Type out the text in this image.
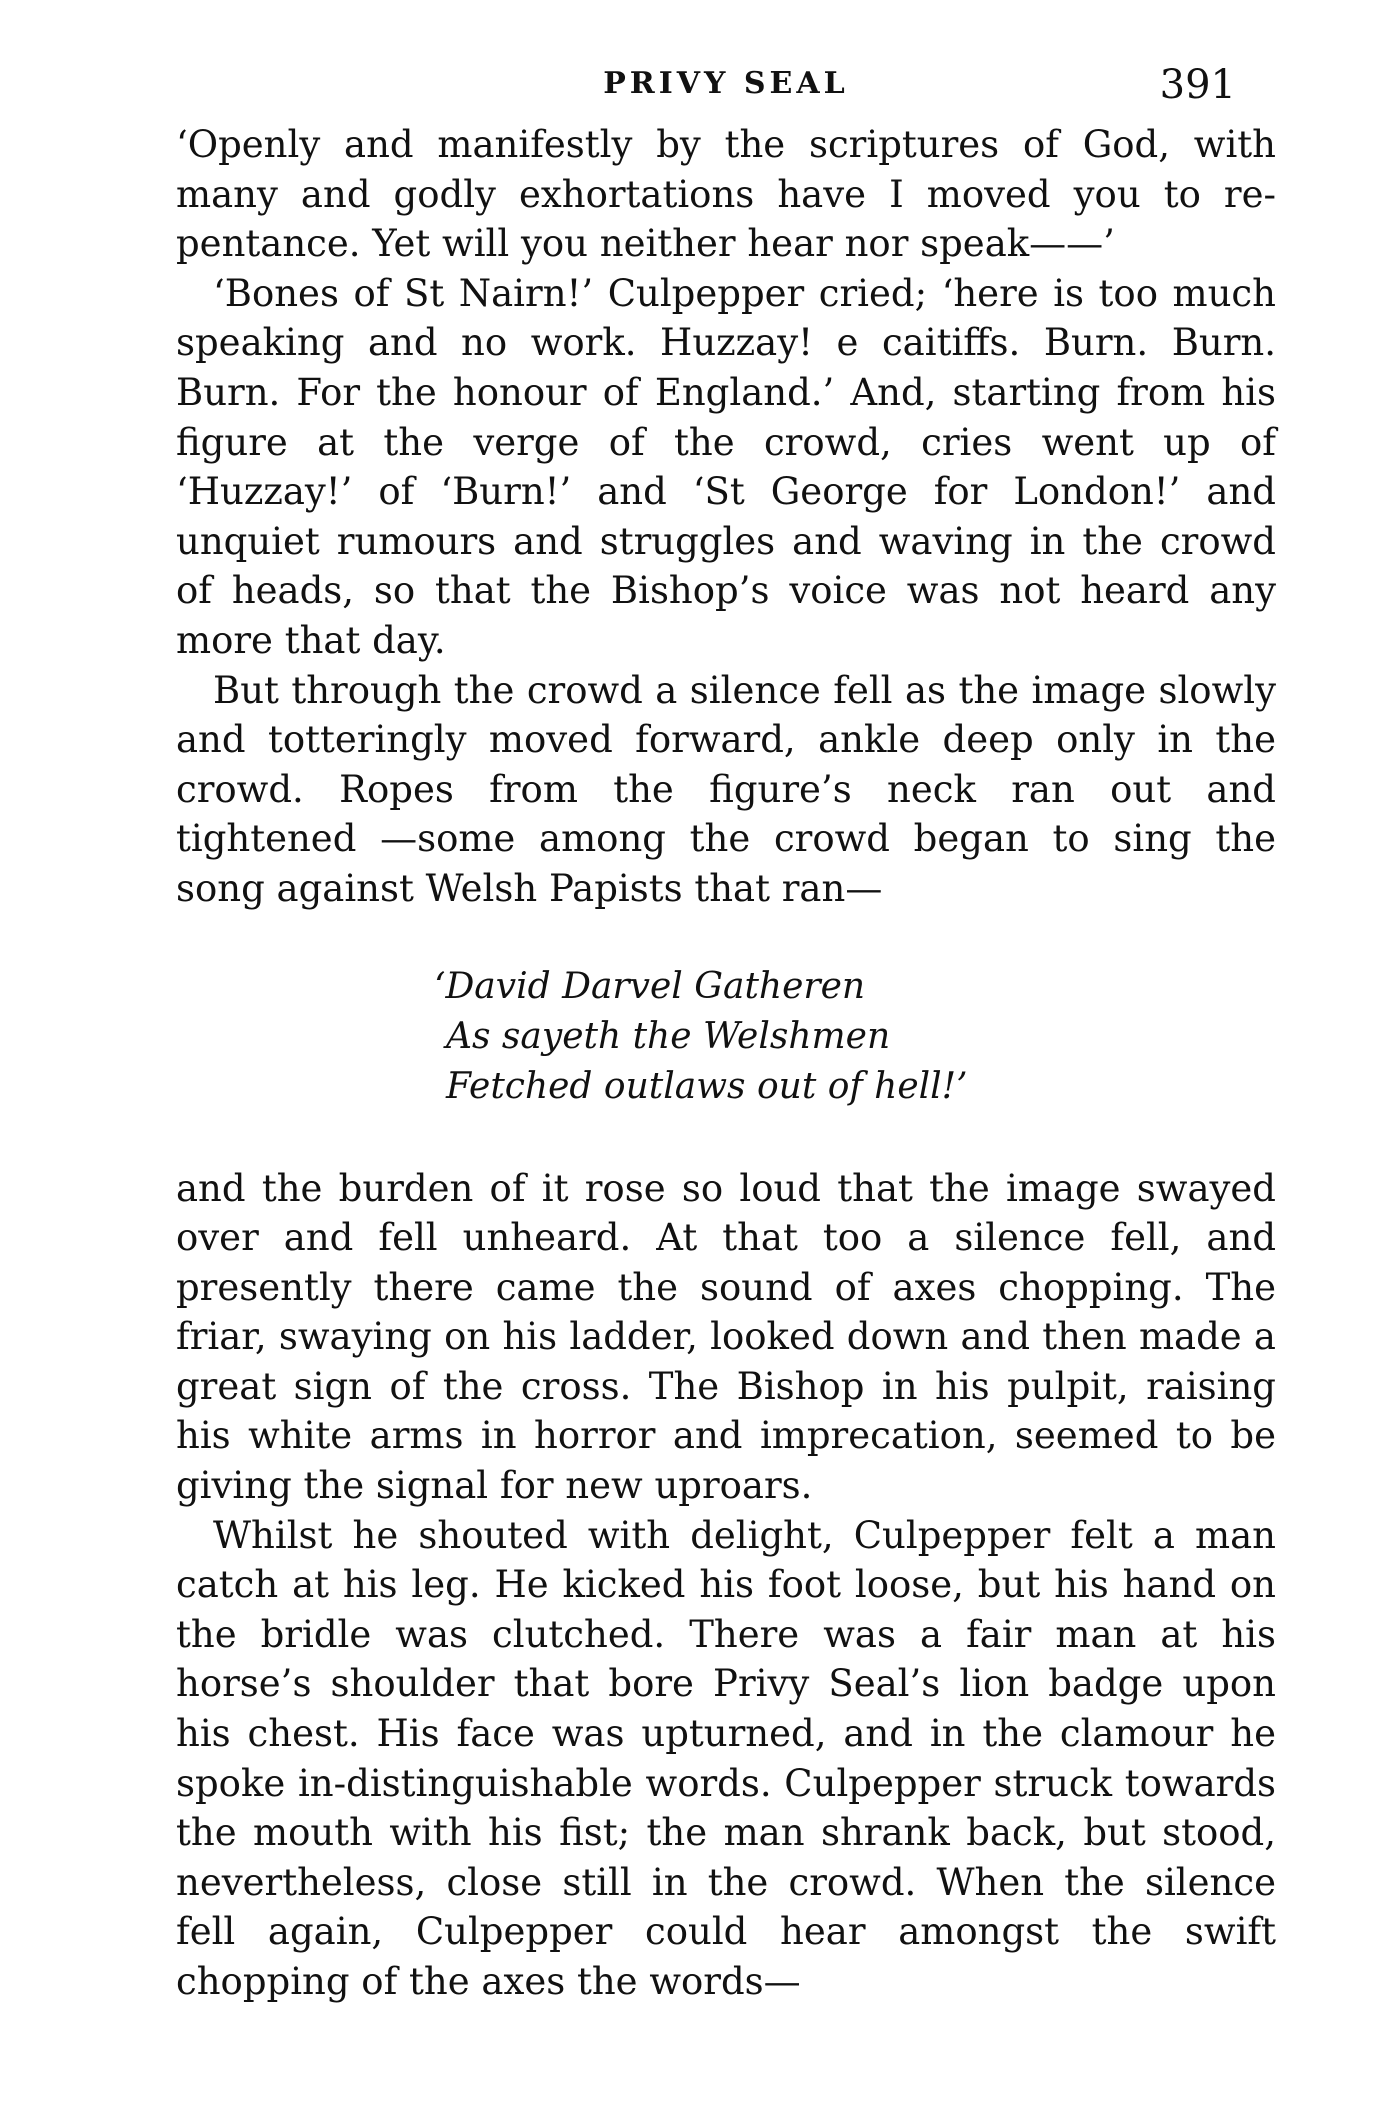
PRIVY SEAL	391

‘Openly and manifestly by the scriptures of God, with many and godly exhortations have I moved you to re-pentance. Yet will you neither hear nor speak——’

‘Bones of St Nairn!’ Culpepper cried; ‘here is too much speaking and no work. Huzzay! e caitiffs. Burn. Burn. Burn. For the honour of England.’ And, starting from his figure at the verge of the crowd, cries went up of ‘Huzzay!’ of ‘Burn!’ and ‘St George for London!’ and unquiet rumours and struggles and waving in the crowd of heads, so that the Bishop’s voice was not heard any more that day.

But through the crowd a silence fell as the image slowly and totteringly moved forward, ankle deep only in the crowd. Ropes from the figure’s neck ran out and tightened —some among the crowd began to sing the song against Welsh Papists that ran—

‘David Darvel Gatheren
As sayeth the Welshmen
Fetched outlaws out of hell!’

and the burden of it rose so loud that the image swayed over and fell unheard. At that too a silence fell, and presently there came the sound of axes chopping. The friar, swaying on his ladder, looked down and then made a great sign of the cross. The Bishop in his pulpit, raising his white arms in horror and imprecation, seemed to be giving the signal for new uproars.

Whilst he shouted with delight, Culpepper felt a man catch at his leg. He kicked his foot loose, but his hand on the bridle was clutched. There was a fair man at his horse’s shoulder that bore Privy Seal’s lion badge upon his chest. His face was upturned, and in the clamour he spoke in-distinguishable words. Culpepper struck towards the mouth with his fist; the man shrank back, but stood, nevertheless, close still in the crowd. When the silence fell again, Culpepper could hear amongst the swift chopping of the axes the words—
